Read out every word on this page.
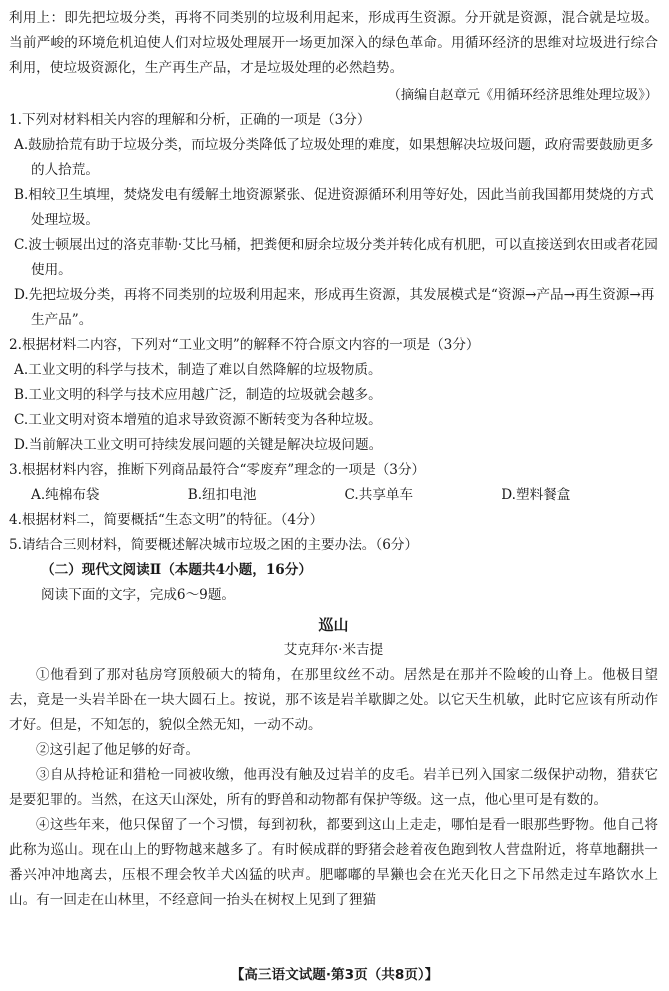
利用上：即先把垃圾分类，再将不同类别的垃圾利用起来，形成再生资源。分开就是资源，混合就是垃圾。当前严峻的环境危机迫使人们对垃圾处理展开一场更加深入的绿色革命。用循环经济的思维对垃圾进行综合利用，使垃圾资源化，生产再生产品，才是垃圾处理的必然趋势。

（摘编自赵章元《用循环经济思维处理垃圾》）

1.下列对材料相关内容的理解和分析，正确的一项是（3分）

A.鼓励拾荒有助于垃圾分类，而垃圾分类降低了垃圾处理的难度，如果想解决垃圾问题，政府需要鼓励更多的人拾荒。

B.相较卫生填埋，焚烧发电有缓解土地资源紧张、促进资源循环利用等好处，因此当前我国都用焚烧的方式处理垃圾。

C.波士顿展出过的洛克菲勒·艾比马桶，把粪便和厨余垃圾分类并转化成有机肥，可以直接送到农田或者花园使用。

D.先把垃圾分类，再将不同类别的垃圾利用起来，形成再生资源，其发展模式是“资源→产品→再生资源→再生产品”。

2.根据材料二内容，下列对“工业文明”的解释不符合原文内容的一项是（3分）

A.工业文明的科学与技术，制造了难以自然降解的垃圾物质。

B.工业文明的科学与技术应用越广泛，制造的垃圾就会越多。

C.工业文明对资本增殖的追求导致资源不断转变为各种垃圾。

D.当前解决工业文明可持续发展问题的关键是解决垃圾问题。

3.根据材料内容，推断下列商品最符合“零废弃”理念的一项是（3分）

A.纯棉布袋	B.纽扣电池	C.共享单车	D.塑料餐盒

4.根据材料二，简要概括“生态文明”的特征。（4分）

5.请结合三则材料，简要概述解决城市垃圾之困的主要办法。（6分）

（二）现代文阅读Ⅱ（本题共4小题，16分）

阅读下面的文字，完成6～9题。

巡山

艾克拜尔·米吉提

①他看到了那对毡房穹顶般硕大的犄角，在那里纹丝不动。居然是在那并不险峻的山脊上。他极目望去，竟是一头岩羊卧在一块大圆石上。按说，那不该是岩羊歇脚之处。以它天生机敏，此时它应该有所动作才好。但是，不知怎的，貌似全然无知，一动不动。

②这引起了他足够的好奇。

③自从持枪证和猎枪一同被收缴，他再没有触及过岩羊的皮毛。岩羊已列入国家二级保护动物，猎获它是要犯罪的。当然，在这天山深处，所有的野兽和动物都有保护等级。这一点，他心里可是有数的。

④这些年来，他只保留了一个习惯，每到初秋，都要到这山上走走，哪怕是看一眼那些野物。他自己将此称为巡山。现在山上的野物越来越多了。有时候成群的野猪会趁着夜色跑到牧人营盘附近，将草地翻拱一番兴冲冲地离去，压根不理会牧羊犬凶猛的吠声。肥嘟嘟的旱獭也会在光天化日之下吊然走过车路饮水上山。有一回走在山林里，不经意间一抬头在树杈上见到了狸猫

【高三语文试题·第3页（共8页）】
